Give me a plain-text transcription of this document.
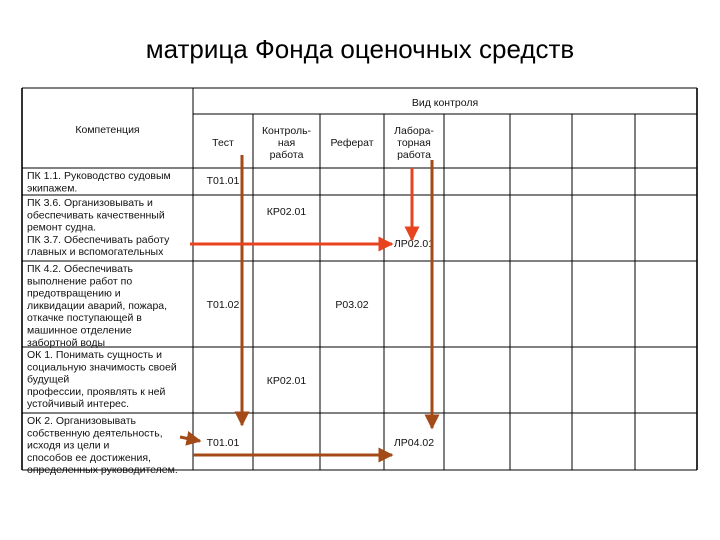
матрица Фонда оценочных средств
Компетенция
Вид контроля
Тест
Контроль-
ная
работа
Реферат
Лабора-
торная
работа
ПК 1.1. Руководство судовым
экипажем.
ПК 3.6. Организовывать и
обеспечивать качественный
ремонт судна.
ПК 3.7. Обеспечивать работу
главных и вспомогательных
ПК 4.2. Обеспечивать
выполнение работ по
предотвращению и
ликвидации аварий, пожара,
откачке поступающей в
машинное отделение
забортной воды
ОК 1. Понимать сущность и
социальную значимость своей
будущей
профессии, проявлять к ней
устойчивый интерес.
ОК 2. Организовывать
собственную деятельность,
исходя из цели и
способов ее достижения,
определенных руководителем.
Т01.01
КР02.01
ЛР02.01
Т01.02	Р03.02
КР02.01
Т01.01	ЛР04.02
